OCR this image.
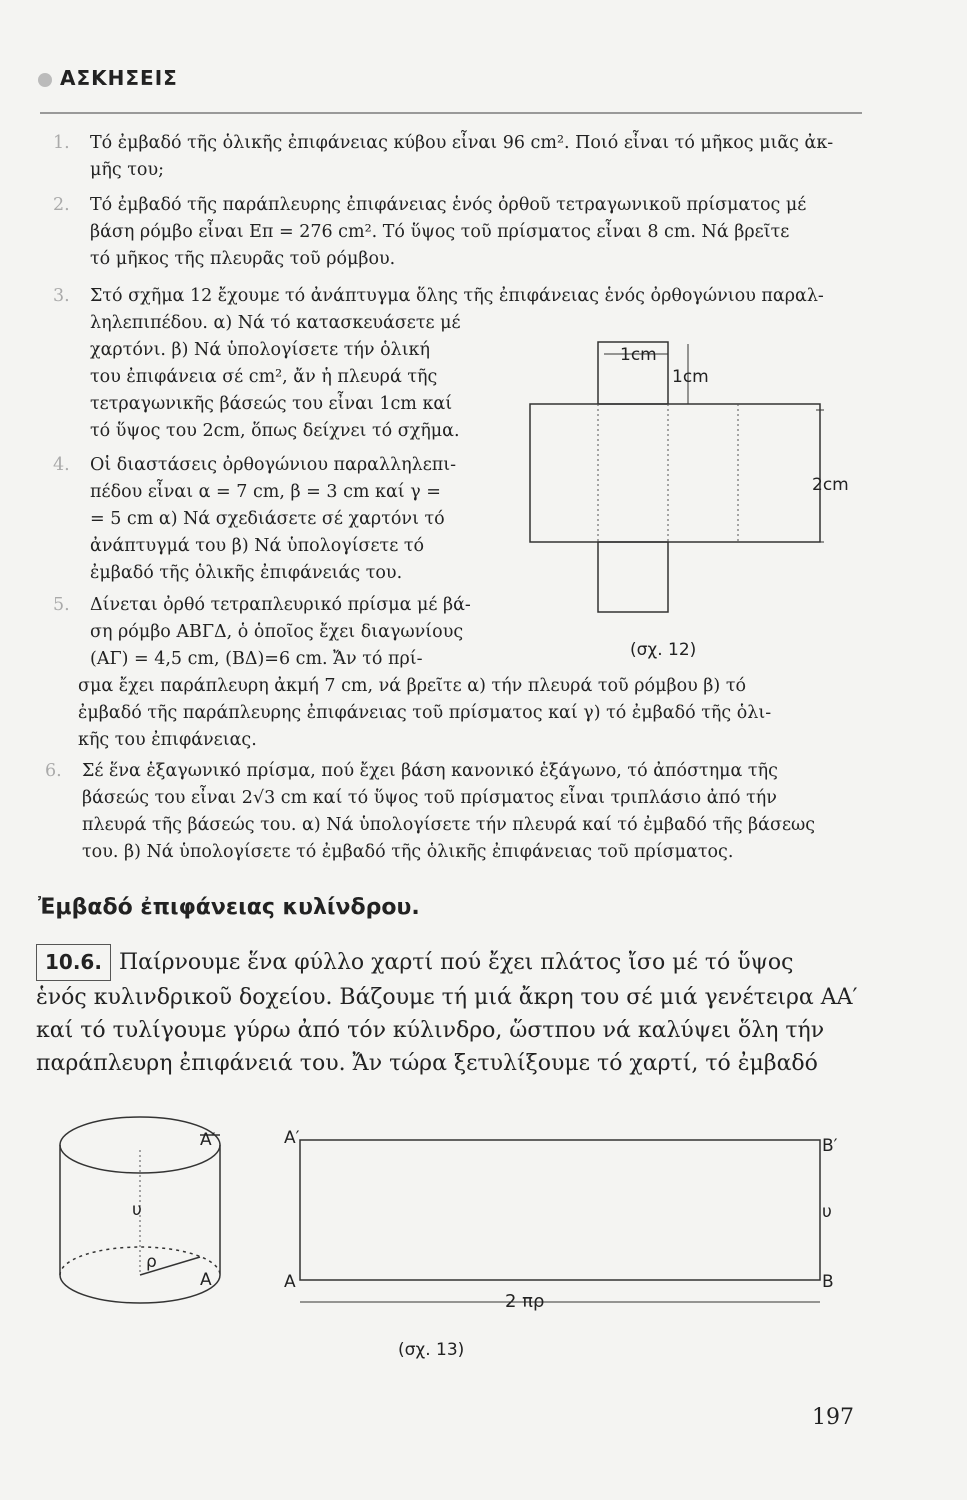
ΑΣΚΗΣΕΙΣ
1. Τό ἐμβαδό τῆς ὁλικῆς ἐπιφάνειας κύβου εἶναι 96 cm². Ποιό εἶναι τό μῆκος μιᾶς ἀκ-
μῆς του;
2. Τό ἐμβαδό τῆς παράπλευρης ἐπιφάνειας ἑνός ὀρθοῦ τετραγωνικοῦ πρίσματος μέ
βάση ρόμβο εἶναι Επ = 276 cm². Τό ὕψος τοῦ πρίσματος εἶναι 8 cm. Νά βρεῖτε
τό μῆκος τῆς πλευρᾶς τοῦ ρόμβου.
3. Στό σχῆμα 12 ἔχουμε τό ἀνάπτυγμα ὅλης τῆς ἐπιφάνειας ἑνός ὀρθογώνιου παραλ-
ληλεπιπέδου. α) Νά τό κατασκευάσετε μέ
χαρτόνι. β) Νά ὑπολογίσετε τήν ὁλική
του ἐπιφάνεια σέ cm², ἄν ἡ πλευρά τῆς
τετραγωνικῆς βάσεώς του εἶναι 1cm καί
τό ὕψος του 2cm, ὅπως δείχνει τό σχῆμα.
4. Οἱ διαστάσεις ὀρθογώνιου παραλληλεπι-
πέδου εἶναι α = 7 cm, β = 3 cm καί γ =
= 5 cm α) Νά σχεδιάσετε σέ χαρτόνι τό
ἀνάπτυγμά του β) Νά ὑπολογίσετε τό
ἐμβαδό τῆς ὁλικῆς ἐπιφάνειάς του.
5. Δίνεται ὀρθό τετραπλευρικό πρίσμα μέ βά-
ση ρόμβο ΑΒΓΔ, ὁ ὁποῖος ἔχει διαγωνίους
(ΑΓ) = 4,5 cm, (ΒΔ)=6 cm. Ἄν τό πρί-
σμα ἔχει παράπλευρη ἀκμή 7 cm, νά βρεῖτε α) τήν πλευρά τοῦ ρόμβου β) τό
ἐμβαδό τῆς παράπλευρης ἐπιφάνειας τοῦ πρίσματος καί γ) τό ἐμβαδό τῆς ὁλι-
κῆς του ἐπιφάνειας.
6. Σέ ἕνα ἑξαγωνικό πρίσμα, πού ἔχει βάση κανονικό ἑξάγωνο, τό ἀπόστημα τῆς
βάσεώς του εἶναι 2√3 cm καί τό ὕψος τοῦ πρίσματος εἶναι τριπλάσιο ἀπό τήν
πλευρά τῆς βάσεώς του. α) Νά ὑπολογίσετε τήν πλευρά καί τό ἐμβαδό τῆς βάσεως
του. β) Νά ὑπολογίσετε τό ἐμβαδό τῆς ὁλικῆς ἐπιφάνειας τοῦ πρίσματος.
1cm
1cm
2cm
(σχ. 12)
Ἐμβαδό ἐπιφάνειας κυλίνδρου.
10.6. Παίρνουμε ἕνα φύλλο χαρτί πού ἔχει πλάτος ἴσο μέ τό ὕψος
ἑνός κυλινδρικοῦ δοχείου. Βάζουμε τή μιά ἄκρη του σέ μιά γενέτειρα ΑΑ′
καί τό τυλίγουμε γύρω ἀπό τόν κύλινδρο, ὥστπου νά καλύψει ὅλη τήν
παράπλευρη ἐπιφάνειά του. Ἄν τώρα ξετυλίξουμε τό χαρτί, τό ἐμβαδό
A′
A
υ
ρ
A′	B′
A	B
υ
2 πρ
(σχ. 13)
197
